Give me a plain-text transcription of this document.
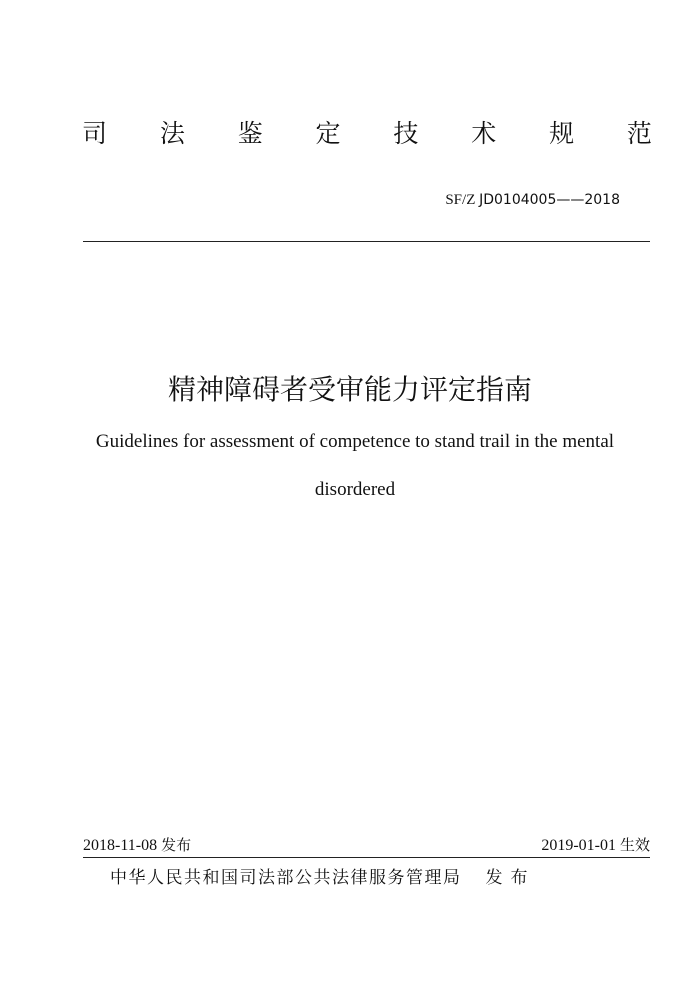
司 法 鉴 定 技 术 规 范
SF/Z JD0104005——2018
精神障碍者受审能力评定指南
Guidelines for assessment of competence to stand trail in the mental disordered
2018-11-08 发布	2019-01-01 生效
中华人民共和国司法部公共法律服务管理局 发布
